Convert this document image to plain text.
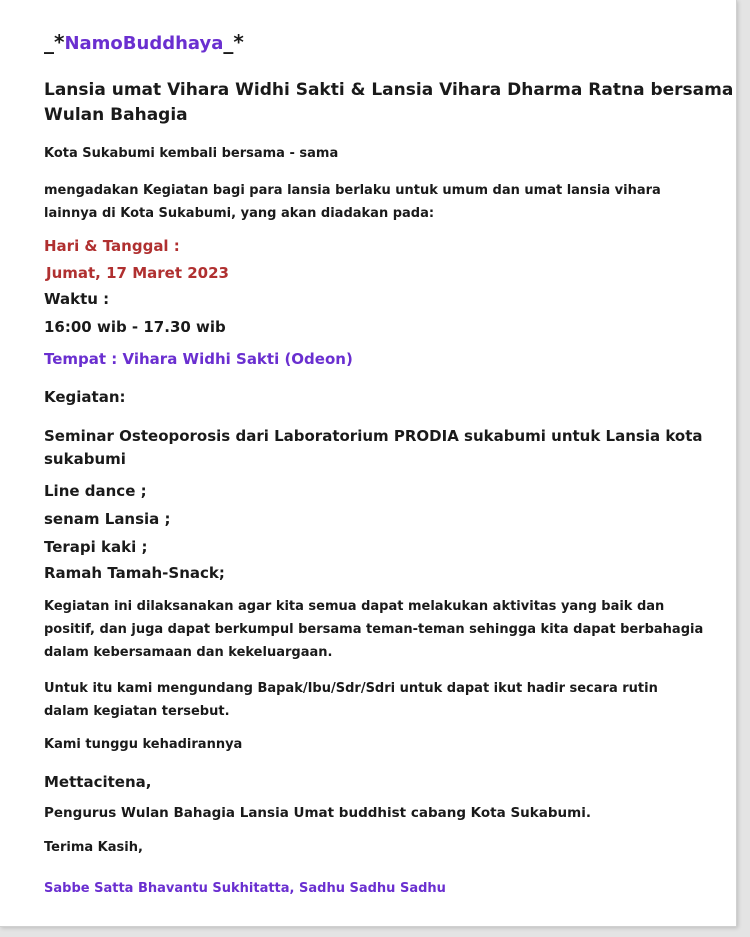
_*NamoBuddhaya_*

Lansia umat Vihara Widhi Sakti & Lansia Vihara Dharma Ratna bersama

Wulan Bahagia

Kota Sukabumi kembali bersama - sama

mengadakan Kegiatan bagi para lansia berlaku untuk umum dan umat lansia vihara

lainnya di Kota Sukabumi, yang akan diadakan pada:

Hari & Tanggal :

Jumat, 17 Maret 2023

Waktu :

16:00 wib - 17.30 wib

Tempat : Vihara Widhi Sakti (Odeon)

Kegiatan:

Seminar Osteoporosis dari Laboratorium PRODIA sukabumi untuk Lansia kota

sukabumi

Line dance ;

senam Lansia ;

Terapi kaki ;

Ramah Tamah-Snack;

Kegiatan ini dilaksanakan agar kita semua dapat melakukan aktivitas yang baik dan

positif, dan juga dapat berkumpul bersama teman-teman sehingga kita dapat berbahagia

dalam kebersamaan dan kekeluargaan.

Untuk itu kami mengundang Bapak/Ibu/Sdr/Sdri untuk dapat ikut hadir secara rutin

dalam kegiatan tersebut.

Kami tunggu kehadirannya

Mettacitena,

Pengurus Wulan Bahagia Lansia Umat buddhist cabang Kota Sukabumi.

Terima Kasih,

Sabbe Satta Bhavantu Sukhitatta, Sadhu Sadhu Sadhu
